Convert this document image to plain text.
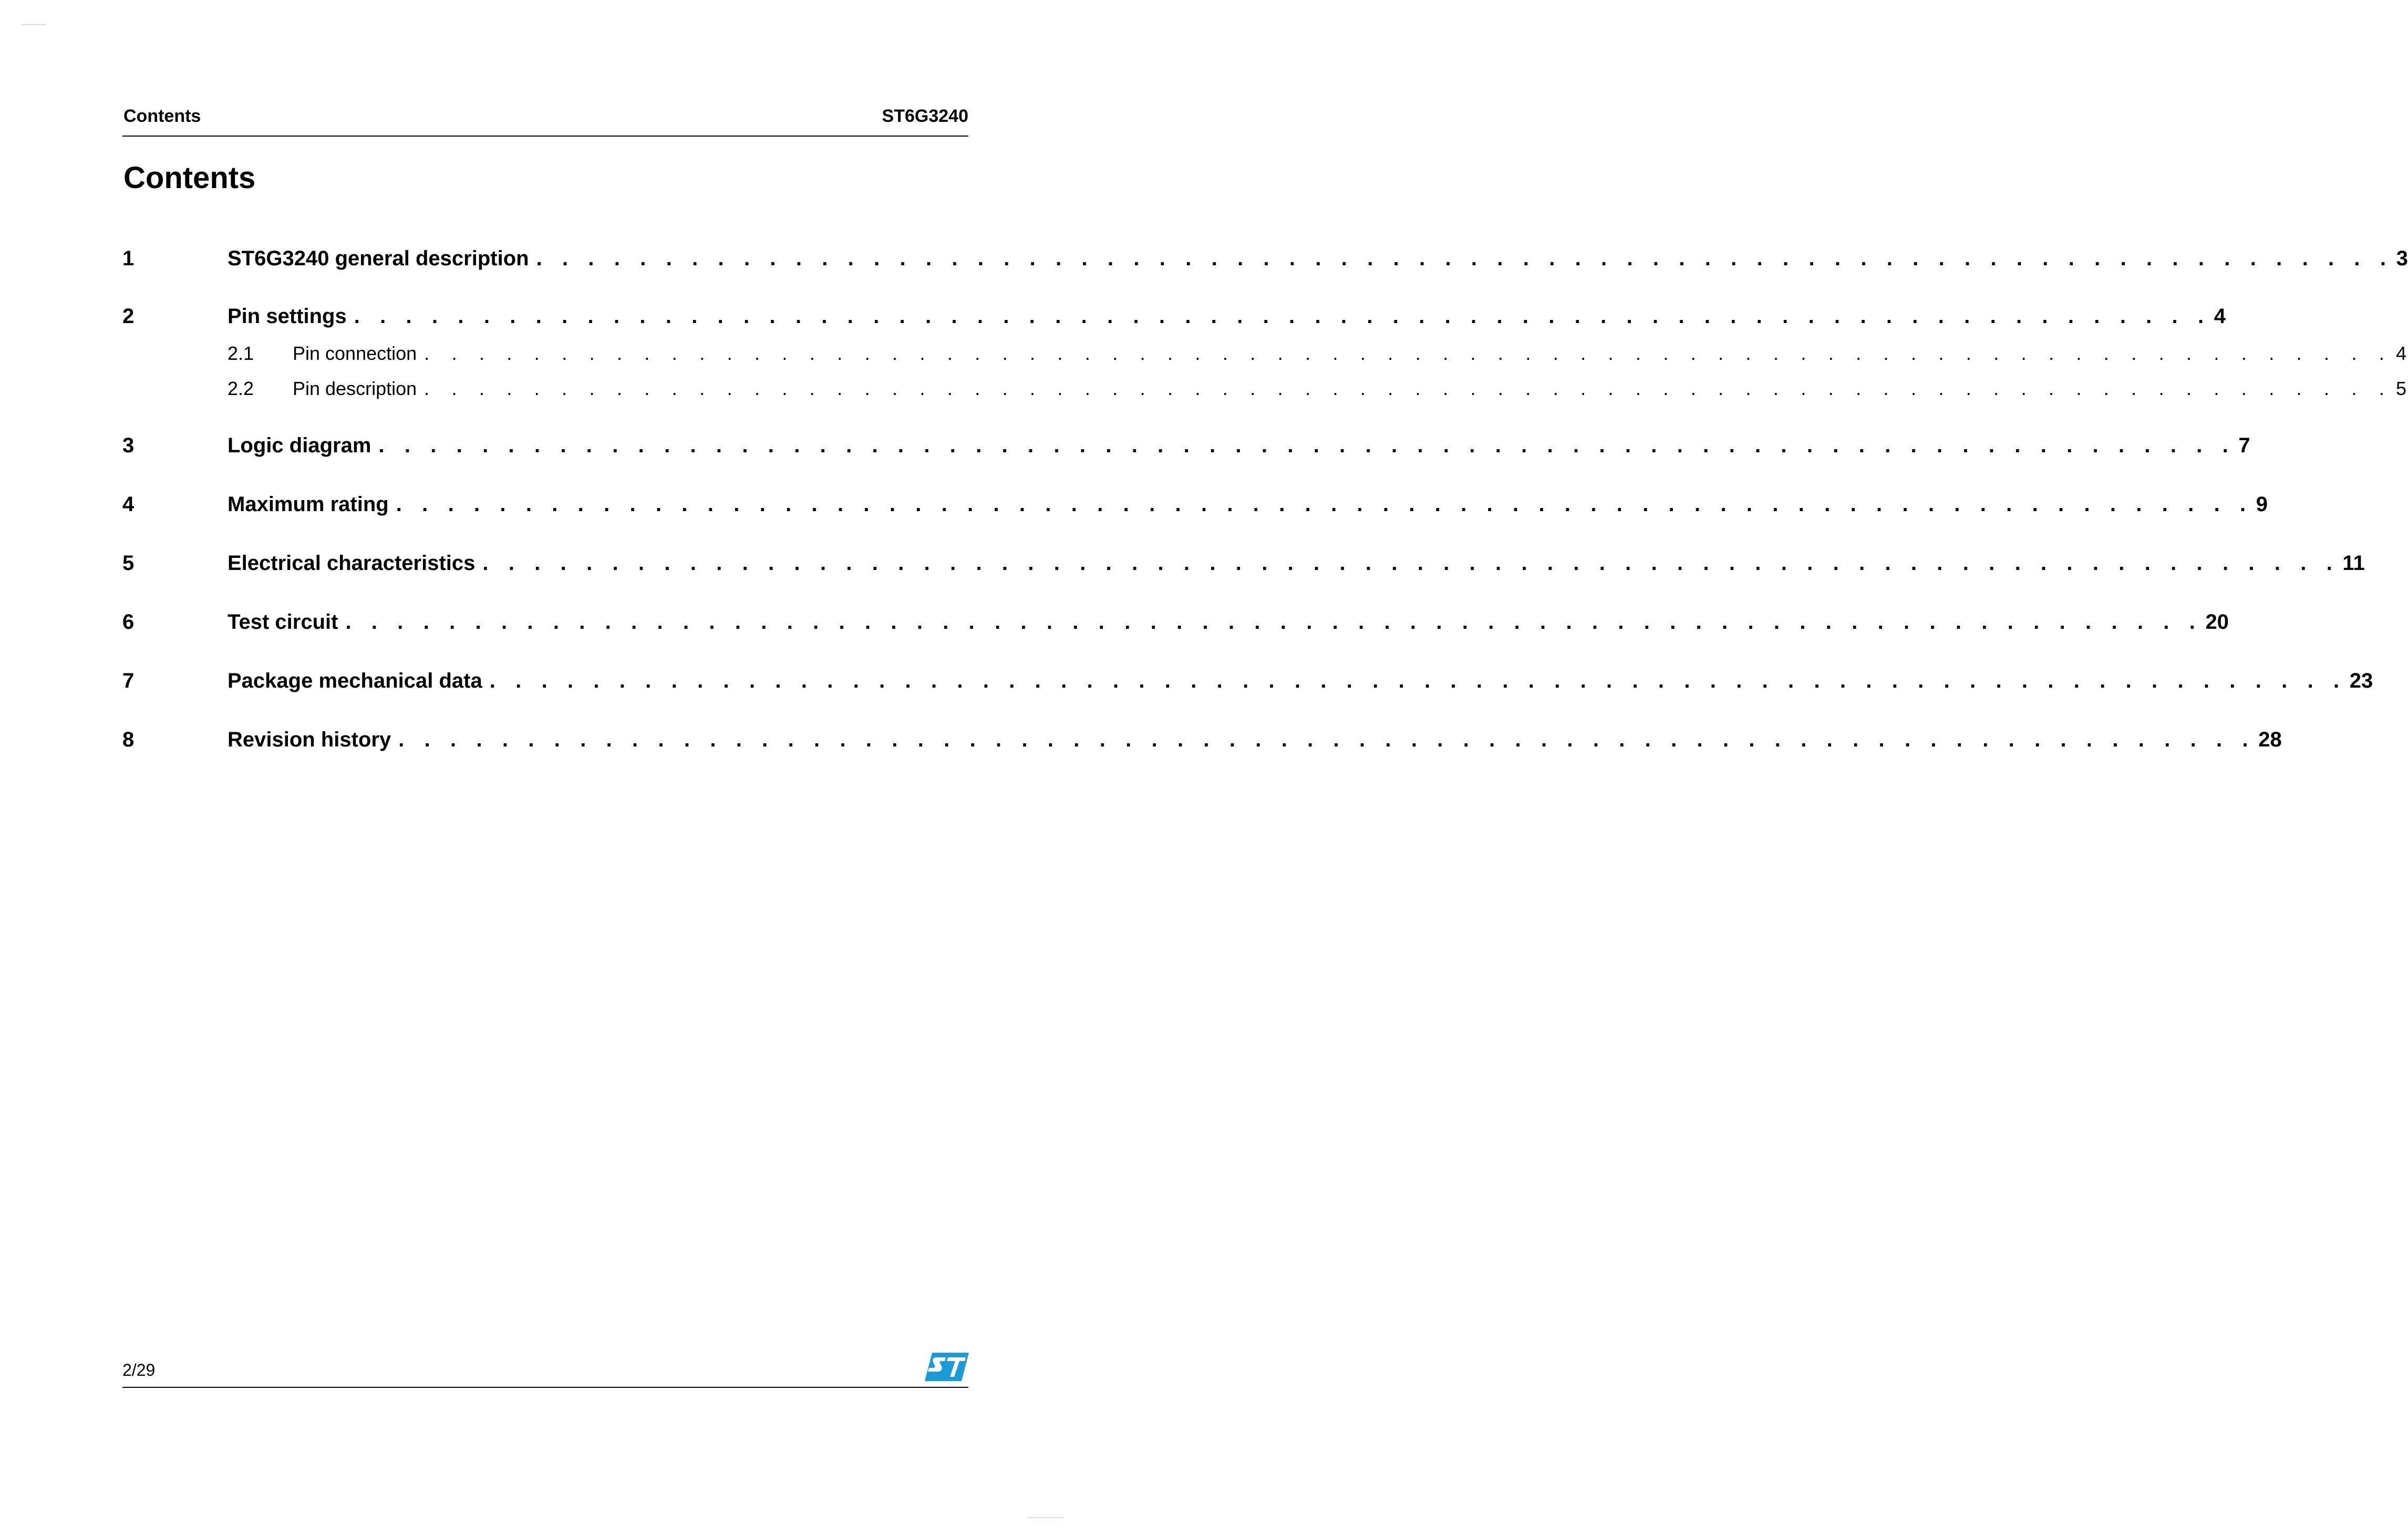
Contents	ST6G3240
Contents
1	ST6G3240 general description . . . . . . . . . . . . . . . . . . . . . . . . . . . . . . . . . . . . . . . . . . . . . . . . . . . . . . . . . . . . . . . . . . . . . . . . 3
2	Pin settings . . . . . . . . . . . . . . . . . . . . . . . . . . . . . . . . . . . . . . . . . . . . . . . . . . . . . . . . . . . . . . . . . . . . . . . . 4
2.1	Pin connection . . . . . . . . . . . . . . . . . . . . . . . . . . . . . . . . . . . . . . . . . . . . . . . . . . . . . . . . . . . . . . . . . . . . . . . . 4
2.2	Pin description . . . . . . . . . . . . . . . . . . . . . . . . . . . . . . . . . . . . . . . . . . . . . . . . . . . . . . . . . . . . . . . . . . . . . . . . 5
3	Logic diagram . . . . . . . . . . . . . . . . . . . . . . . . . . . . . . . . . . . . . . . . . . . . . . . . . . . . . . . . . . . . . . . . . . . . . . . . 7
4	Maximum rating . . . . . . . . . . . . . . . . . . . . . . . . . . . . . . . . . . . . . . . . . . . . . . . . . . . . . . . . . . . . . . . . . . . . . . . . 9
5	Electrical characteristics . . . . . . . . . . . . . . . . . . . . . . . . . . . . . . . . . . . . . . . . . . . . . . . . . . . . . . . . . . . . . . . . . . . . . . . . 11
6	Test circuit . . . . . . . . . . . . . . . . . . . . . . . . . . . . . . . . . . . . . . . . . . . . . . . . . . . . . . . . . . . . . . . . . . . . . . . . 20
7	Package mechanical data . . . . . . . . . . . . . . . . . . . . . . . . . . . . . . . . . . . . . . . . . . . . . . . . . . . . . . . . . . . . . . . . . . . . . . . . 23
8	Revision history . . . . . . . . . . . . . . . . . . . . . . . . . . . . . . . . . . . . . . . . . . . . . . . . . . . . . . . . . . . . . . . . . . . . . . . . 28
2/29
